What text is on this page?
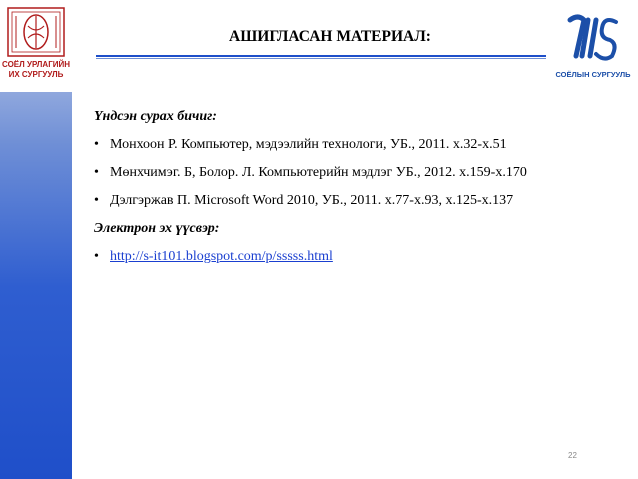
СОЁЛ УРЛАГИЙН
ИХ СУРГУУЛЬ
АШИГЛАСАН МАТЕРИАЛ:
СОЁЛЫН СУРГУУЛЬ
Үндсэн сурах бичиг:
• Монхоон Р. Компьютер, мэдээлийн технологи, УБ., 2011. х.32-х.51
• Мөнхчимэг. Б, Болор. Л. Компьютерийн мэдлэг УБ., 2012. х.159-х.170
• Дэлгэржав П. Microsoft Word 2010, УБ., 2011. х.77-х.93, х.125-х.137
Электрон эх үүсвэр:
• http://s-it101.blogspot.com/p/sssss.html
22
